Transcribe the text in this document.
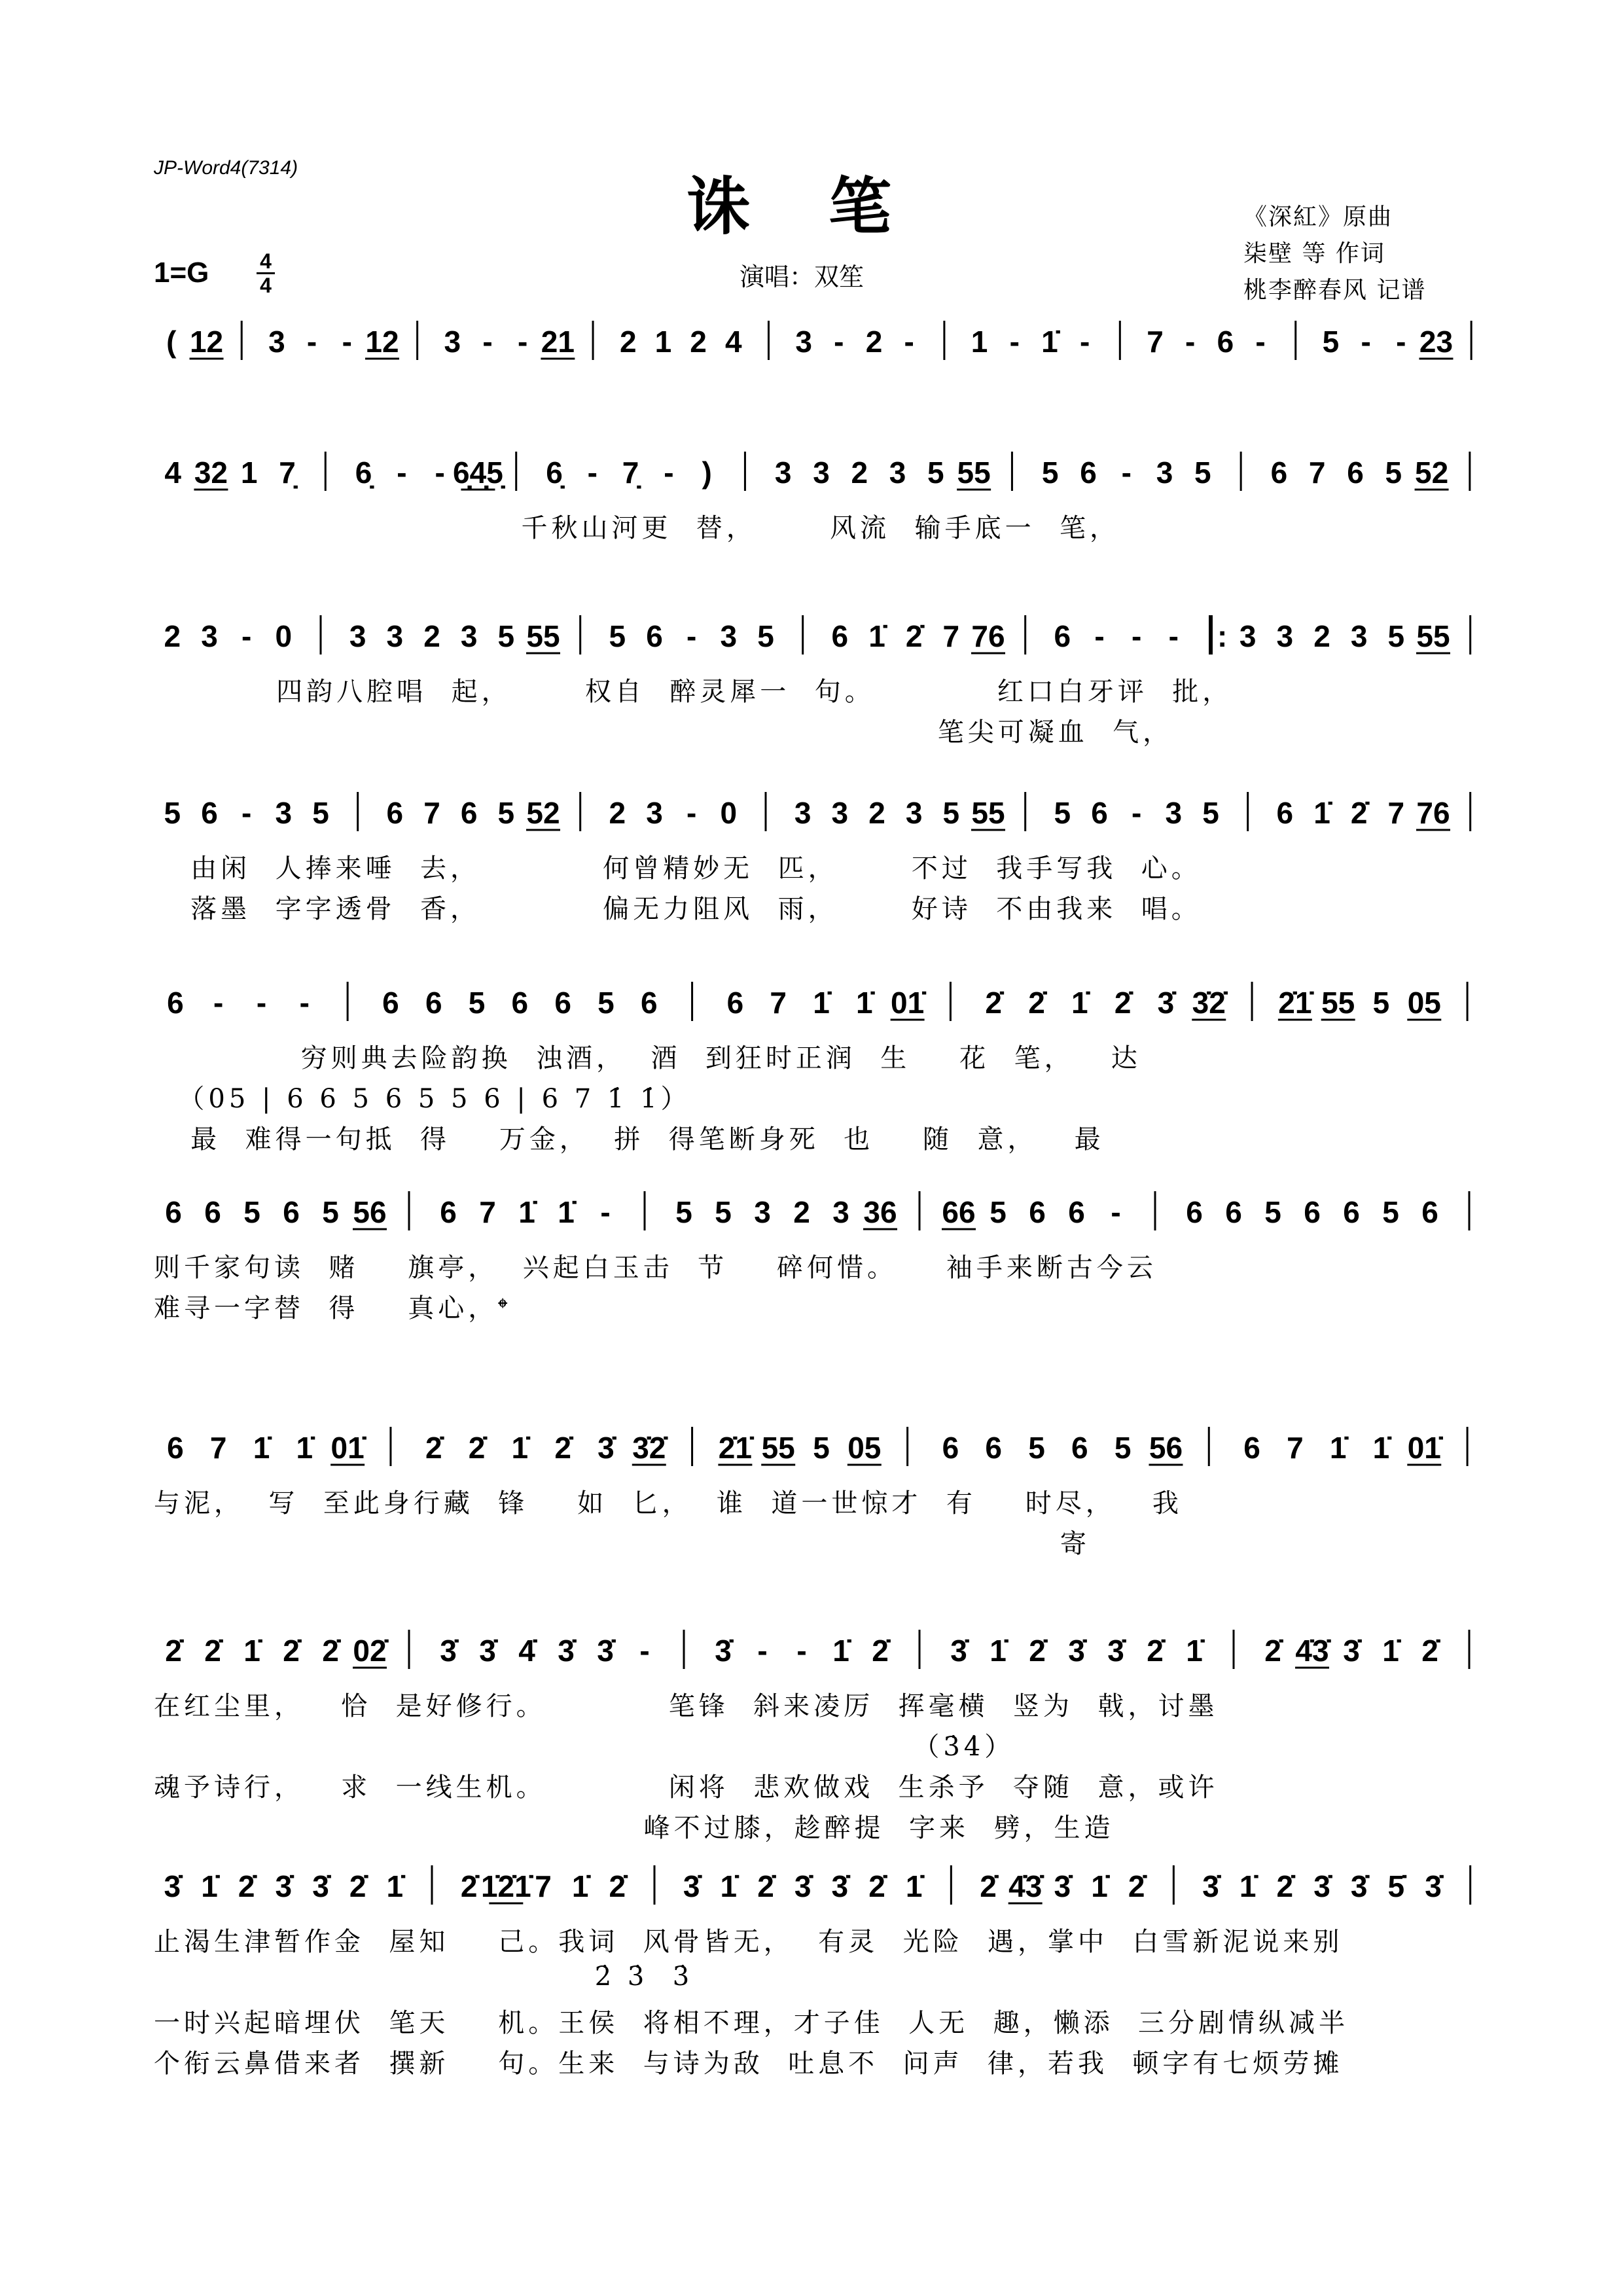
JP-Word4(7314)
诛笔	《深紅》原曲
柒壁 等 作词
桃李醉春风 记谱
1=G 4
4	演唱：双笙
( 12 3 - - 12 3 - - 21 2 1 2 4 3 - 2 - 1 - 1̇ - 7 - 6 - 5 - - 23
4 32 1 7̣ 6̣ - - 6̣4̣5̣ 6̣ - 7̣ - ) 3 3 2 3 5 55 5 6 - 3 5 6 7 6 5 52
千秋山河更  替，      风流  输手底一  笔，
2 3 - 0 3 3 2 3 5 55 5 6 - 3 5 6 1̇ 2̇ 7 76 6 - - - : 3 3 2 3 5 55
四韵八腔唱  起，      权自  醉灵犀一  句。          红口白牙评  批，
笔尖可凝血  气，
5 6 - 3 5 6 7 6 5 52 2 3 - 0 3 3 2 3 5 55 5 6 - 3 5 6 1̇ 2̇ 7 76
由闲  人捧来唾  去，          何曾精妙无  匹，      不过  我手写我  心。
落墨  字字透骨  香，          偏无力阻风  雨，      好诗  不由我来  唱。
6 - - - 6 6 5 6 6 5 6 6 7 1̇ 1̇ 01̇ 2̇ 2̇ 1̇ 2̇ 3̇ 3̇2̇ 2̇1̇ 55 5 05
穷则典去险韵换  浊酒，  酒  到狂时正润  生    花  笔，   达
（05 | 6 6 5 6 5 5 6 | 6 7 1̇ 1̇）
最  难得一句抵  得    万金，  拼  得笔断身死  也    随  意，   最
6 6 5 6 5 56 6 7 1̇ 1̇ - 5 5 3 2 3 36 66 5 6 6 - 6 6 5 6 6 5 6
则千家句读  赌    旗亭，  兴起白玉击  节    碎何惜。    袖手来断古今云
难寻一字替  得    真心，𝄌
6 7 1̇ 1̇ 01̇ 2̇ 2̇ 1̇ 2̇ 3̇ 3̇2̇ 2̇1̇ 55 5 05 6 6 5 6 5 56 6 7 1̇ 1̇ 01̇
与泥，  写  至此身行藏  锋    如  匕，  谁  道一世惊才  有    时尽，   我
寄
2̇ 2̇ 1̇ 2̇ 2̇ 02̇ 3̇ 3̇ 4̇ 3̇ 3̇ - 3̇ - - 1̇ 2̇ 3̇ 1̇ 2̇ 3̇ 3̇ 2̇ 1̇ 2̇ 4̇3̇ 3̇ 1̇ 2̇
在红尘里，   恰  是好修行。          笔锋  斜来凌厉  挥毫横  竖为  戟，讨墨
（3̇4̇）
魂予诗行，   求  一线生机。          闲将  悲欢做戏  生杀予  夺随  意，或许
峰不过膝，趁醉提  字来  劈，生造
3̇ 1̇ 2̇ 3̇ 3̇ 2̇ 1̇ 2̇ 1̇2̇1̇ 7 1̇ 2̇ 3̇ 1̇ 2̇ 3̇ 3̇ 2̇ 1̇ 2̇ 4̇3̇ 3̇ 1̇ 2̇ 3̇ 1̇ 2̇ 3̇ 3̇ 5̇ 3̇
止渴生津暂作金  屋知    己。我词  风骨皆无，  有灵  光险  遇，掌中  白雪新泥说来别
2̇ 3̇  3̇
一时兴起暗埋伏  笔天    机。王侯  将相不理，才子佳  人无  趣，懒添  三分剧情纵减半
个衔云鼻借来者  撰新    句。生来  与诗为敌  吐息不  问声  律，若我  顿字有七烦劳摊
